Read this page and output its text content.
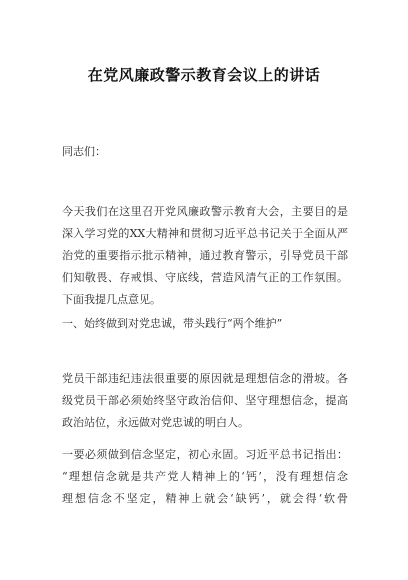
在党风廉政警示教育会议上的讲话
同志们：
今天我们在这里召开党风廉政警示教育大会，主要目的是
深入学习党的XX大精神和贯彻习近平总书记关于全面从严
治党的重要指示批示精神，通过教育警示，引导党员干部
们知敬畏、存戒惧、守底线，营造风清气正的工作氛围。
下面我提几点意见。
一、始终做到对党忠诚，带头践行“两个维护”
党员干部违纪违法很重要的原因就是理想信念的滑坡。各
级党员干部必须始终坚守政治信仰、坚守理想信念，提高
政治站位，永远做对党忠诚的明白人。
一要必须做到信念坚定，初心永固。习近平总书记指出：
“理想信念就是共产党人精神上的‘钙’，没有理想信念
理想信念不坚定，精神上就会‘缺钙’，就会得‘软骨
